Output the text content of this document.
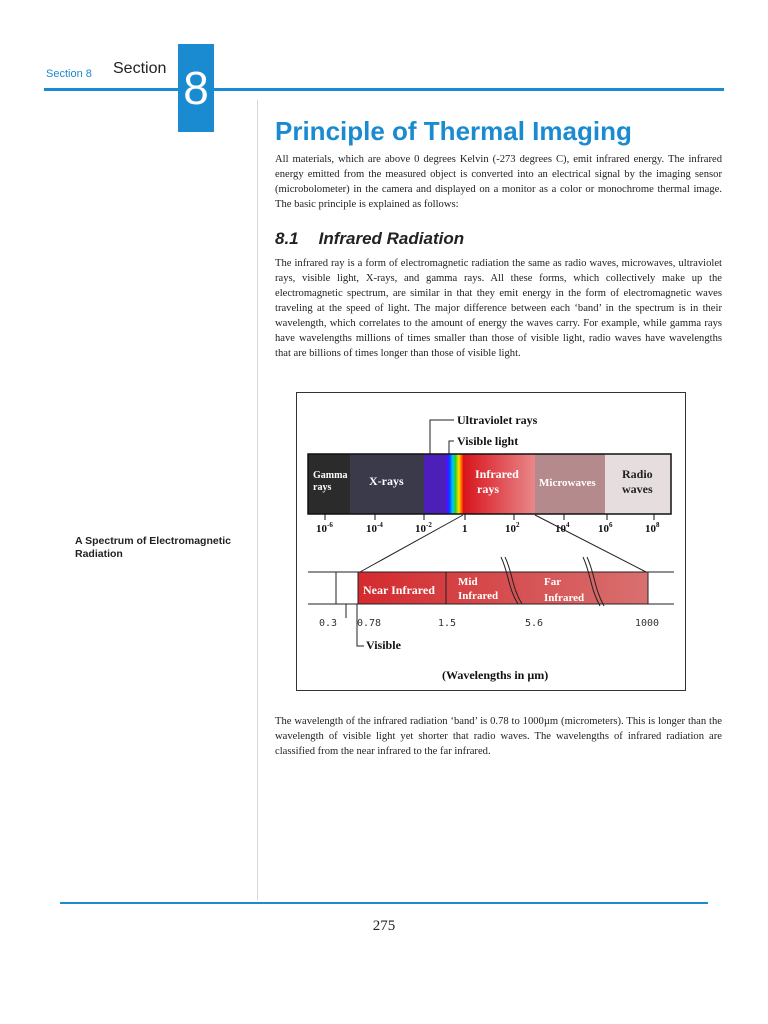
Section 8 Section 8
Principle of Thermal Imaging
All materials, which are above 0 degrees Kelvin (-273 degrees C), emit infrared energy. The infrared energy emitted from the measured object is converted into an electrical signal by the imaging sensor (microbolometer) in the camera and displayed on a monitor as a color or monochrome thermal image. The basic principle is explained as follows:
8.1 Infrared Radiation
The infrared ray is a form of electromagnetic radiation the same as radio waves, microwaves, ultraviolet rays, visible light, X-rays, and gamma rays. All these forms, which collectively make up the electromagnetic spectrum, are similar in that they emit energy in the form of electromagnetic waves traveling at the speed of light. The major difference between each ‘band’ in the spectrum is in their wavelength, which correlates to the amount of energy the waves carry. For example, while gamma rays have wavelengths millions of times smaller than those of visible light, radio waves have wavelengths that are billions of times longer than those of visible light.
A Spectrum of Electromagnetic Radiation
Ultraviolet rays
Visible light
Gamma
rays	X-rays	Infrared
rays	Microwaves
Radio
waves
$10^{-6}$	$10^{-4}$	$10^{-2}$	1	$10^2$	$10^4$	$10^6$	$10^8$
Near Infrared
Mid
Infrared
Far
Infrared
0.3 0.78	1.5	5.6	1000
Visible
(Wavelengths in µm)
The wavelength of the infrared radiation ‘band’ is 0.78 to 1000µm (micrometers). This is longer than the wavelength of visible light yet shorter that radio waves. The wavelengths of infrared radiation are classified from the near infrared to the far infrared.
275
